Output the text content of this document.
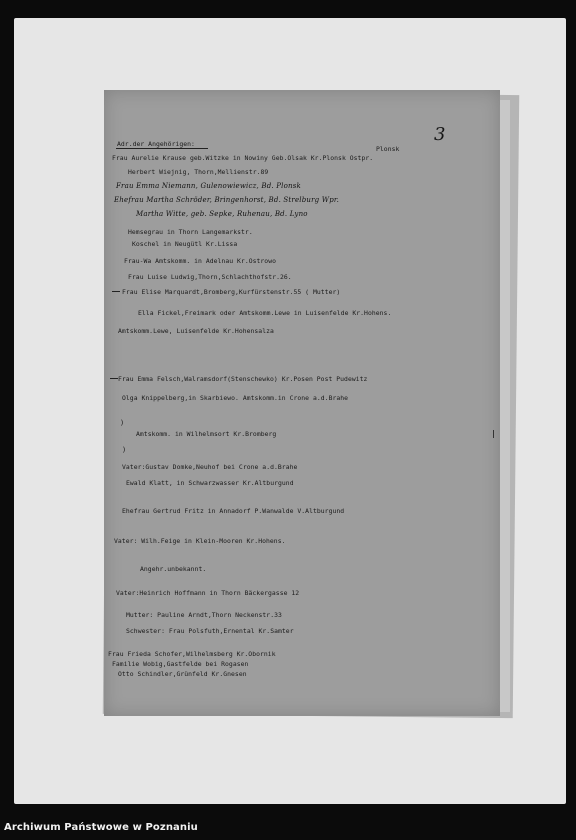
3
Adr.der Angehörigen:
Plonsk
Frau Aurelie Krause geb.Witzke in Nowiny Geb.Olsak Kr.Plonsk Ostpr.
Herbert Wiejnig, Thorn,Mellienstr.89
Frau Emma Niemann, Gulenowiewicz, Bd. Plonsk
Ehefrau Martha Schröder, Bringenhorst, Bd. Strelburg Wpr.
Martha Witte, geb. Sepke, Ruhenau, Bd. Lyno
Hemsegrau in Thorn Langemarkstr.
Koschel in Neugütl Kr.Lissa
Frau-Wa Amtskomm. in Adelnau Kr.Ostrowo
Frau Luise Ludwig,Thorn,Schlachthofstr.26.
Frau Elise Marquardt,Bromberg,Kurfürstenstr.55 ( Mutter)
Ella Fickel,Freimark oder Amtskomm.Lewe in Luisenfelde Kr.Hohens.
Amtskomm.Lewe, Luisenfelde Kr.Hohensalza
Frau Emma Felsch,Walramsdorf(Stenschewko) Kr.Posen Post Pudewitz
Olga Knippelberg,in Skarbiewo. Amtskomm.in Crone a.d.Brahe
)
Amtskomm. in Wilhelmsort Kr.Bromberg
)
Vater:Gustav Domke,Neuhof bei Crone a.d.Brahe
Ewald Klatt, in Schwarzwasser Kr.Altburgund
Ehefrau Gertrud Fritz in Annadorf P.Wanwalde V.Altburgund
Vater: Wilh.Feige in Klein-Mooren Kr.Hohens.
Angehr.unbekannt.
Vater:Heinrich Hoffmann in Thorn Bäckergasse 12
Mutter: Pauline Arndt,Thorn Neckenstr.33
Schwester: Frau Polsfuth,Ernental Kr.Samter
Frau Frieda Schofer,Wilhelmsberg Kr.Obornik
Familie Wobig,Gastfelde bei Rogasen
Otto Schindler,Grünfeld Kr.Gnesen
Archiwum Państwowe w Poznaniu
